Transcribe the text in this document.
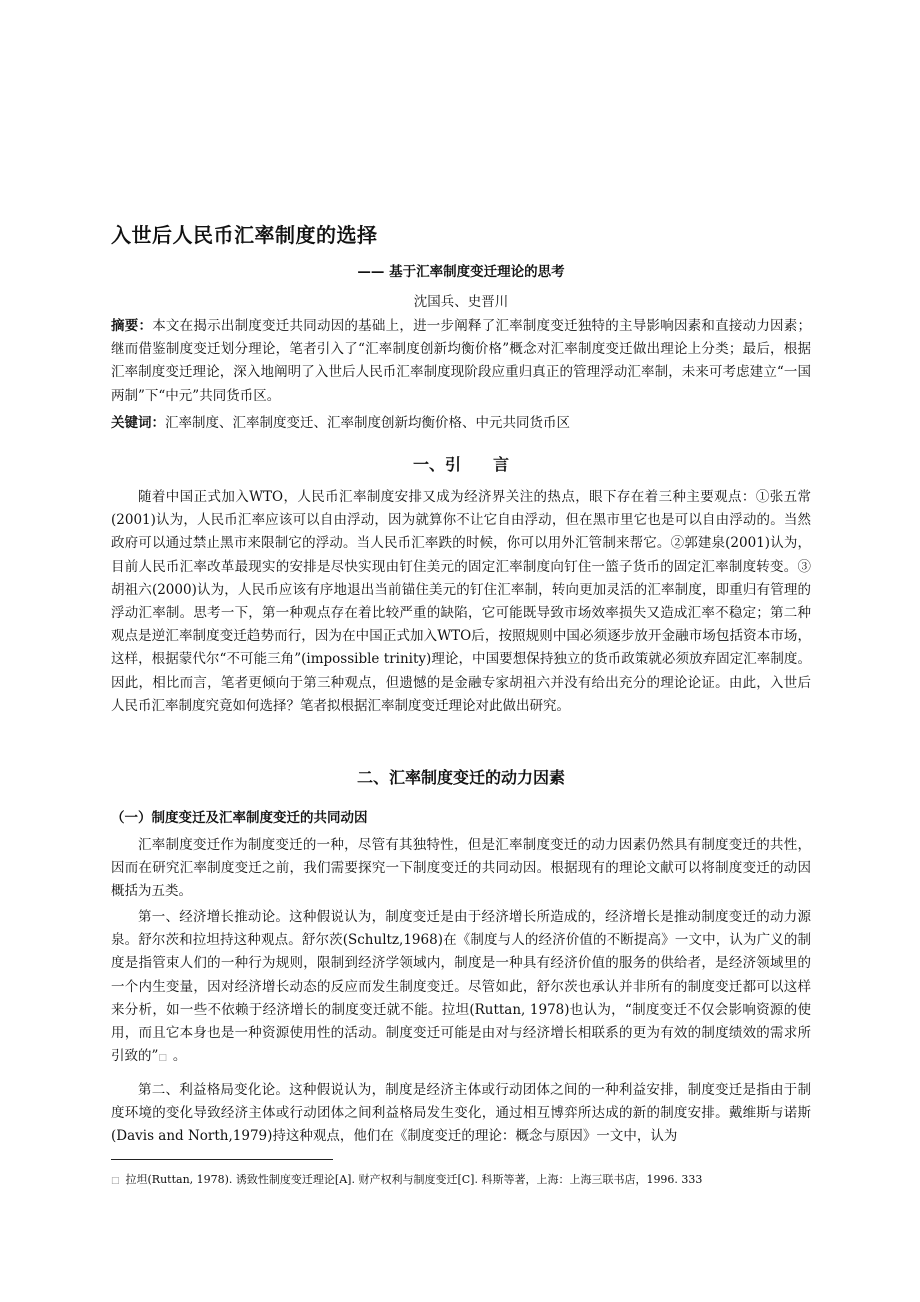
入世后人民币汇率制度的选择
—— 基于汇率制度变迁理论的思考
沈国兵、史晋川

摘要：本文在揭示出制度变迁共同动因的基础上，进一步阐释了汇率制度变迁独特的主导影响因素和直接动力因素；继而借鉴制度变迁划分理论，笔者引入了“汇率制度创新均衡价格”概念对汇率制度变迁做出理论上分类；最后，根据汇率制度变迁理论，深入地阐明了入世后人民币汇率制度现阶段应重归真正的管理浮动汇率制，未来可考虑建立“一国两制”下“中元”共同货币区。

关键词：汇率制度、汇率制度变迁、汇率制度创新均衡价格、中元共同货币区

一、引　　言

随着中国正式加入WTO，人民币汇率制度安排又成为经济界关注的热点，眼下存在着三种主要观点：①张五常(2001)认为，人民币汇率应该可以自由浮动，因为就算你不让它自由浮动，但在黑市里它也是可以自由浮动的。当然政府可以通过禁止黑市来限制它的浮动。当人民币汇率跌的时候，你可以用外汇管制来帮它。②郭建泉(2001)认为，目前人民币汇率改革最现实的安排是尽快实现由钉住美元的固定汇率制度向钉住一篮子货币的固定汇率制度转变。③胡祖六(2000)认为，人民币应该有序地退出当前锚住美元的钉住汇率制，转向更加灵活的汇率制度，即重归有管理的浮动汇率制。思考一下，第一种观点存在着比较严重的缺陷，它可能既导致市场效率损失又造成汇率不稳定；第二种观点是逆汇率制度变迁趋势而行，因为在中国正式加入WTO后，按照规则中国必须逐步放开金融市场包括资本市场，这样，根据蒙代尔“不可能三角”(impossible trinity)理论，中国要想保持独立的货币政策就必须放弃固定汇率制度。因此，相比而言，笔者更倾向于第三种观点，但遗憾的是金融专家胡祖六并没有给出充分的理论论证。由此，入世后人民币汇率制度究竟如何选择？笔者拟根据汇率制度变迁理论对此做出研究。

二、汇率制度变迁的动力因素
（一）制度变迁及汇率制度变迁的共同动因

汇率制度变迁作为制度变迁的一种，尽管有其独特性，但是汇率制度变迁的动力因素仍然具有制度变迁的共性，因而在研究汇率制度变迁之前，我们需要探究一下制度变迁的共同动因。根据现有的理论文献可以将制度变迁的动因概括为五类。

第一、经济增长推动论。这种假说认为，制度变迁是由于经济增长所造成的，经济增长是推动制度变迁的动力源泉。舒尔茨和拉坦持这种观点。舒尔茨(Schultz,1968)在《制度与人的经济价值的不断提高》一文中，认为广义的制度是指管束人们的一种行为规则，限制到经济学领域内，制度是一种具有经济价值的服务的供给者，是经济领域里的一个内生变量，因对经济增长动态的反应而发生制度变迁。尽管如此，舒尔茨也承认并非所有的制度变迁都可以这样来分析，如一些不依赖于经济增长的制度变迁就不能。拉坦(Ruttan, 1978)也认为，“制度变迁不仅会影响资源的使用，而且它本身也是一种资源使用性的活动。制度变迁可能是由对与经济增长相联系的更为有效的制度绩效的需求所引致的”□ 。

第二、利益格局变化论。这种假说认为，制度是经济主体或行动团体之间的一种利益安排，制度变迁是指由于制度环境的变化导致经济主体或行动团体之间利益格局发生变化，通过相互博弈所达成的新的制度安排。戴维斯与诺斯(Davis and North,1979)持这种观点，他们在《制度变迁的理论：概念与原因》一文中，认为

□ 拉坦(Ruttan, 1978). 诱致性制度变迁理论[A]. 财产权利与制度变迁[C]. 科斯等著，上海：上海三联书店，1996. 333
